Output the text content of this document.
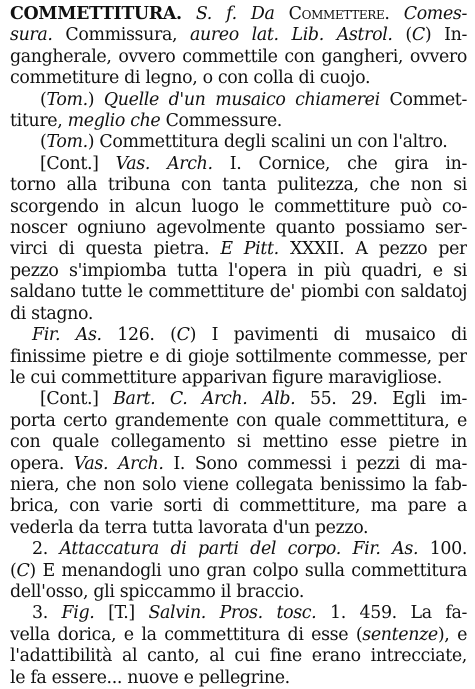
COMMETTITURA. S. f. Da Commettere. Comes-
sura. Commissura, aureo lat. Lib. Astrol. (C) In-
gangherale, ovvero commettile con gangheri, ovvero
commetiture di legno, o con colla di cuojo.
(Tom.) Quelle d'un musaico chiamerei Commet-
titure, meglio che Commessure.
(Tom.) Commettitura degli scalini un con l'altro.
[Cont.] Vas. Arch. I. Cornice, che gira in-
torno alla tribuna con tanta pulitezza, che non si
scorgendo in alcun luogo le commettiture può co-
noscer ogniuno agevolmente quanto possiamo ser-
virci di questa pietra. E Pitt. XXXII. A pezzo per
pezzo s'impiomba tutta l'opera in più quadri, e si
saldano tutte le commettiture de' piombi con saldatoj
di stagno.
Fir. As. 126. (C) I pavimenti di musaico di
finissime pietre e di gioje sottilmente commesse, per
le cui commettiture apparivan figure maravigliose.
[Cont.] Bart. C. Arch. Alb. 55. 29. Egli im-
porta certo grandemente con quale commettitura, e
con quale collegamento si mettino esse pietre in
opera. Vas. Arch. I. Sono commessi i pezzi di ma-
niera, che non solo viene collegata benissimo la fab-
brica, con varie sorti di commettiture, ma pare a
vederla da terra tutta lavorata d'un pezzo.
2. Attaccatura di parti del corpo. Fir. As. 100.
(C) E menandogli uno gran colpo sulla commettitura
dell'osso, gli spiccammo il braccio.
3. Fig. [T.] Salvin. Pros. tosc. 1. 459. La fa-
vella dorica, e la commettitura di esse (sentenze), e
l'adattibilità al canto, al cui fine erano intrecciate,
le fa essere... nuove e pellegrine.
